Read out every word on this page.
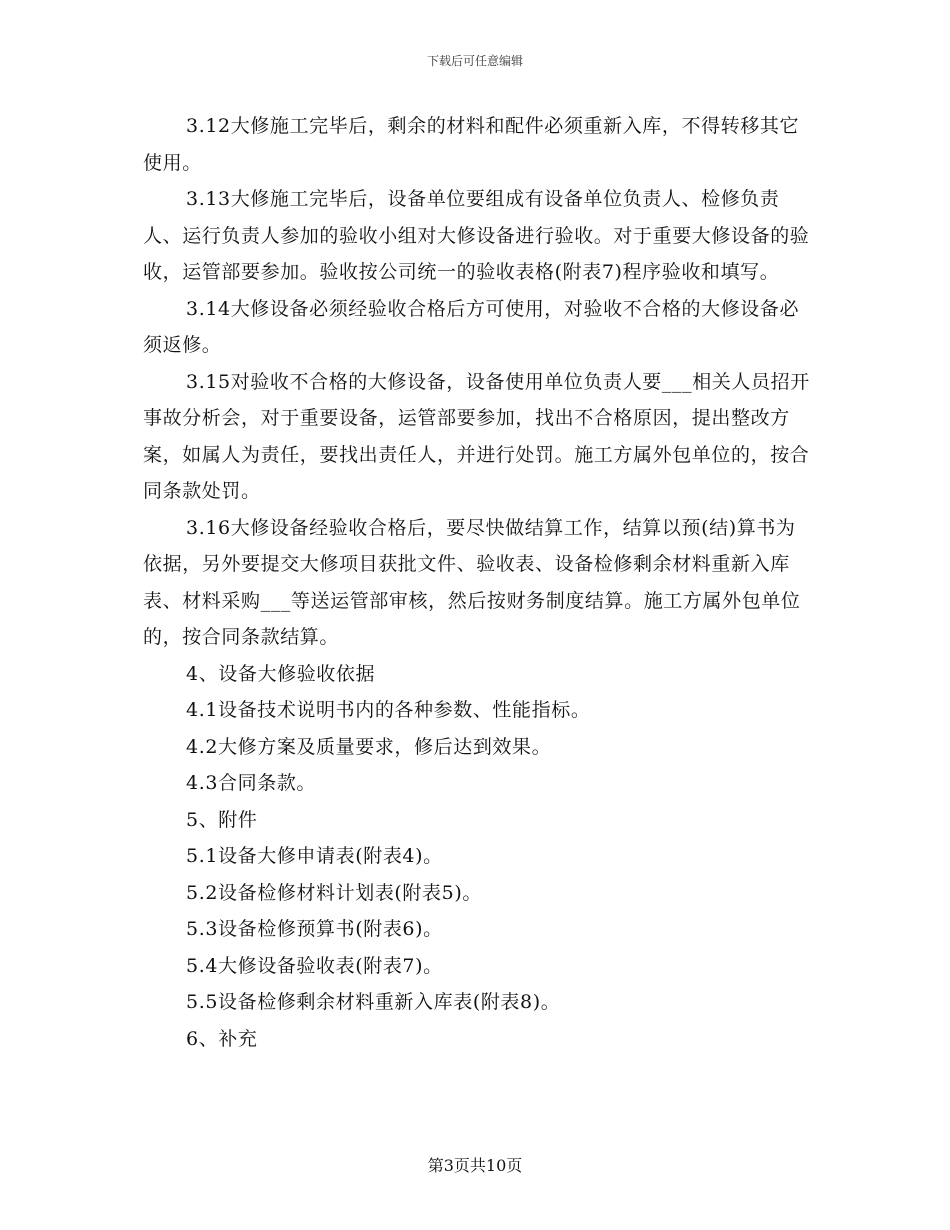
下载后可任意编辑

3.12大修施工完毕后，剩余的材料和配件必须重新入库，不得转移其它使用。

3.13大修施工完毕后，设备单位要组成有设备单位负责人、检修负责人、运行负责人参加的验收小组对大修设备进行验收。对于重要大修设备的验收，运管部要参加。验收按公司统一的验收表格(附表7)程序验收和填写。

3.14大修设备必须经验收合格后方可使用，对验收不合格的大修设备必须返修。

3.15对验收不合格的大修设备，设备使用单位负责人要___相关人员招开事故分析会，对于重要设备，运管部要参加，找出不合格原因，提出整改方案，如属人为责任，要找出责任人，并进行处罚。施工方属外包单位的，按合同条款处罚。

3.16大修设备经验收合格后，要尽快做结算工作，结算以预(结)算书为依据，另外要提交大修项目获批文件、验收表、设备检修剩余材料重新入库表、材料采购___等送运管部审核，然后按财务制度结算。施工方属外包单位的，按合同条款结算。

4、设备大修验收依据

4.1设备技术说明书内的各种参数、性能指标。

4.2大修方案及质量要求，修后达到效果。

4.3合同条款。

5、附件

5.1设备大修申请表(附表4)。

5.2设备检修材料计划表(附表5)。

5.3设备检修预算书(附表6)。

5.4大修设备验收表(附表7)。

5.5设备检修剩余材料重新入库表(附表8)。

6、补充

第3页共10页
